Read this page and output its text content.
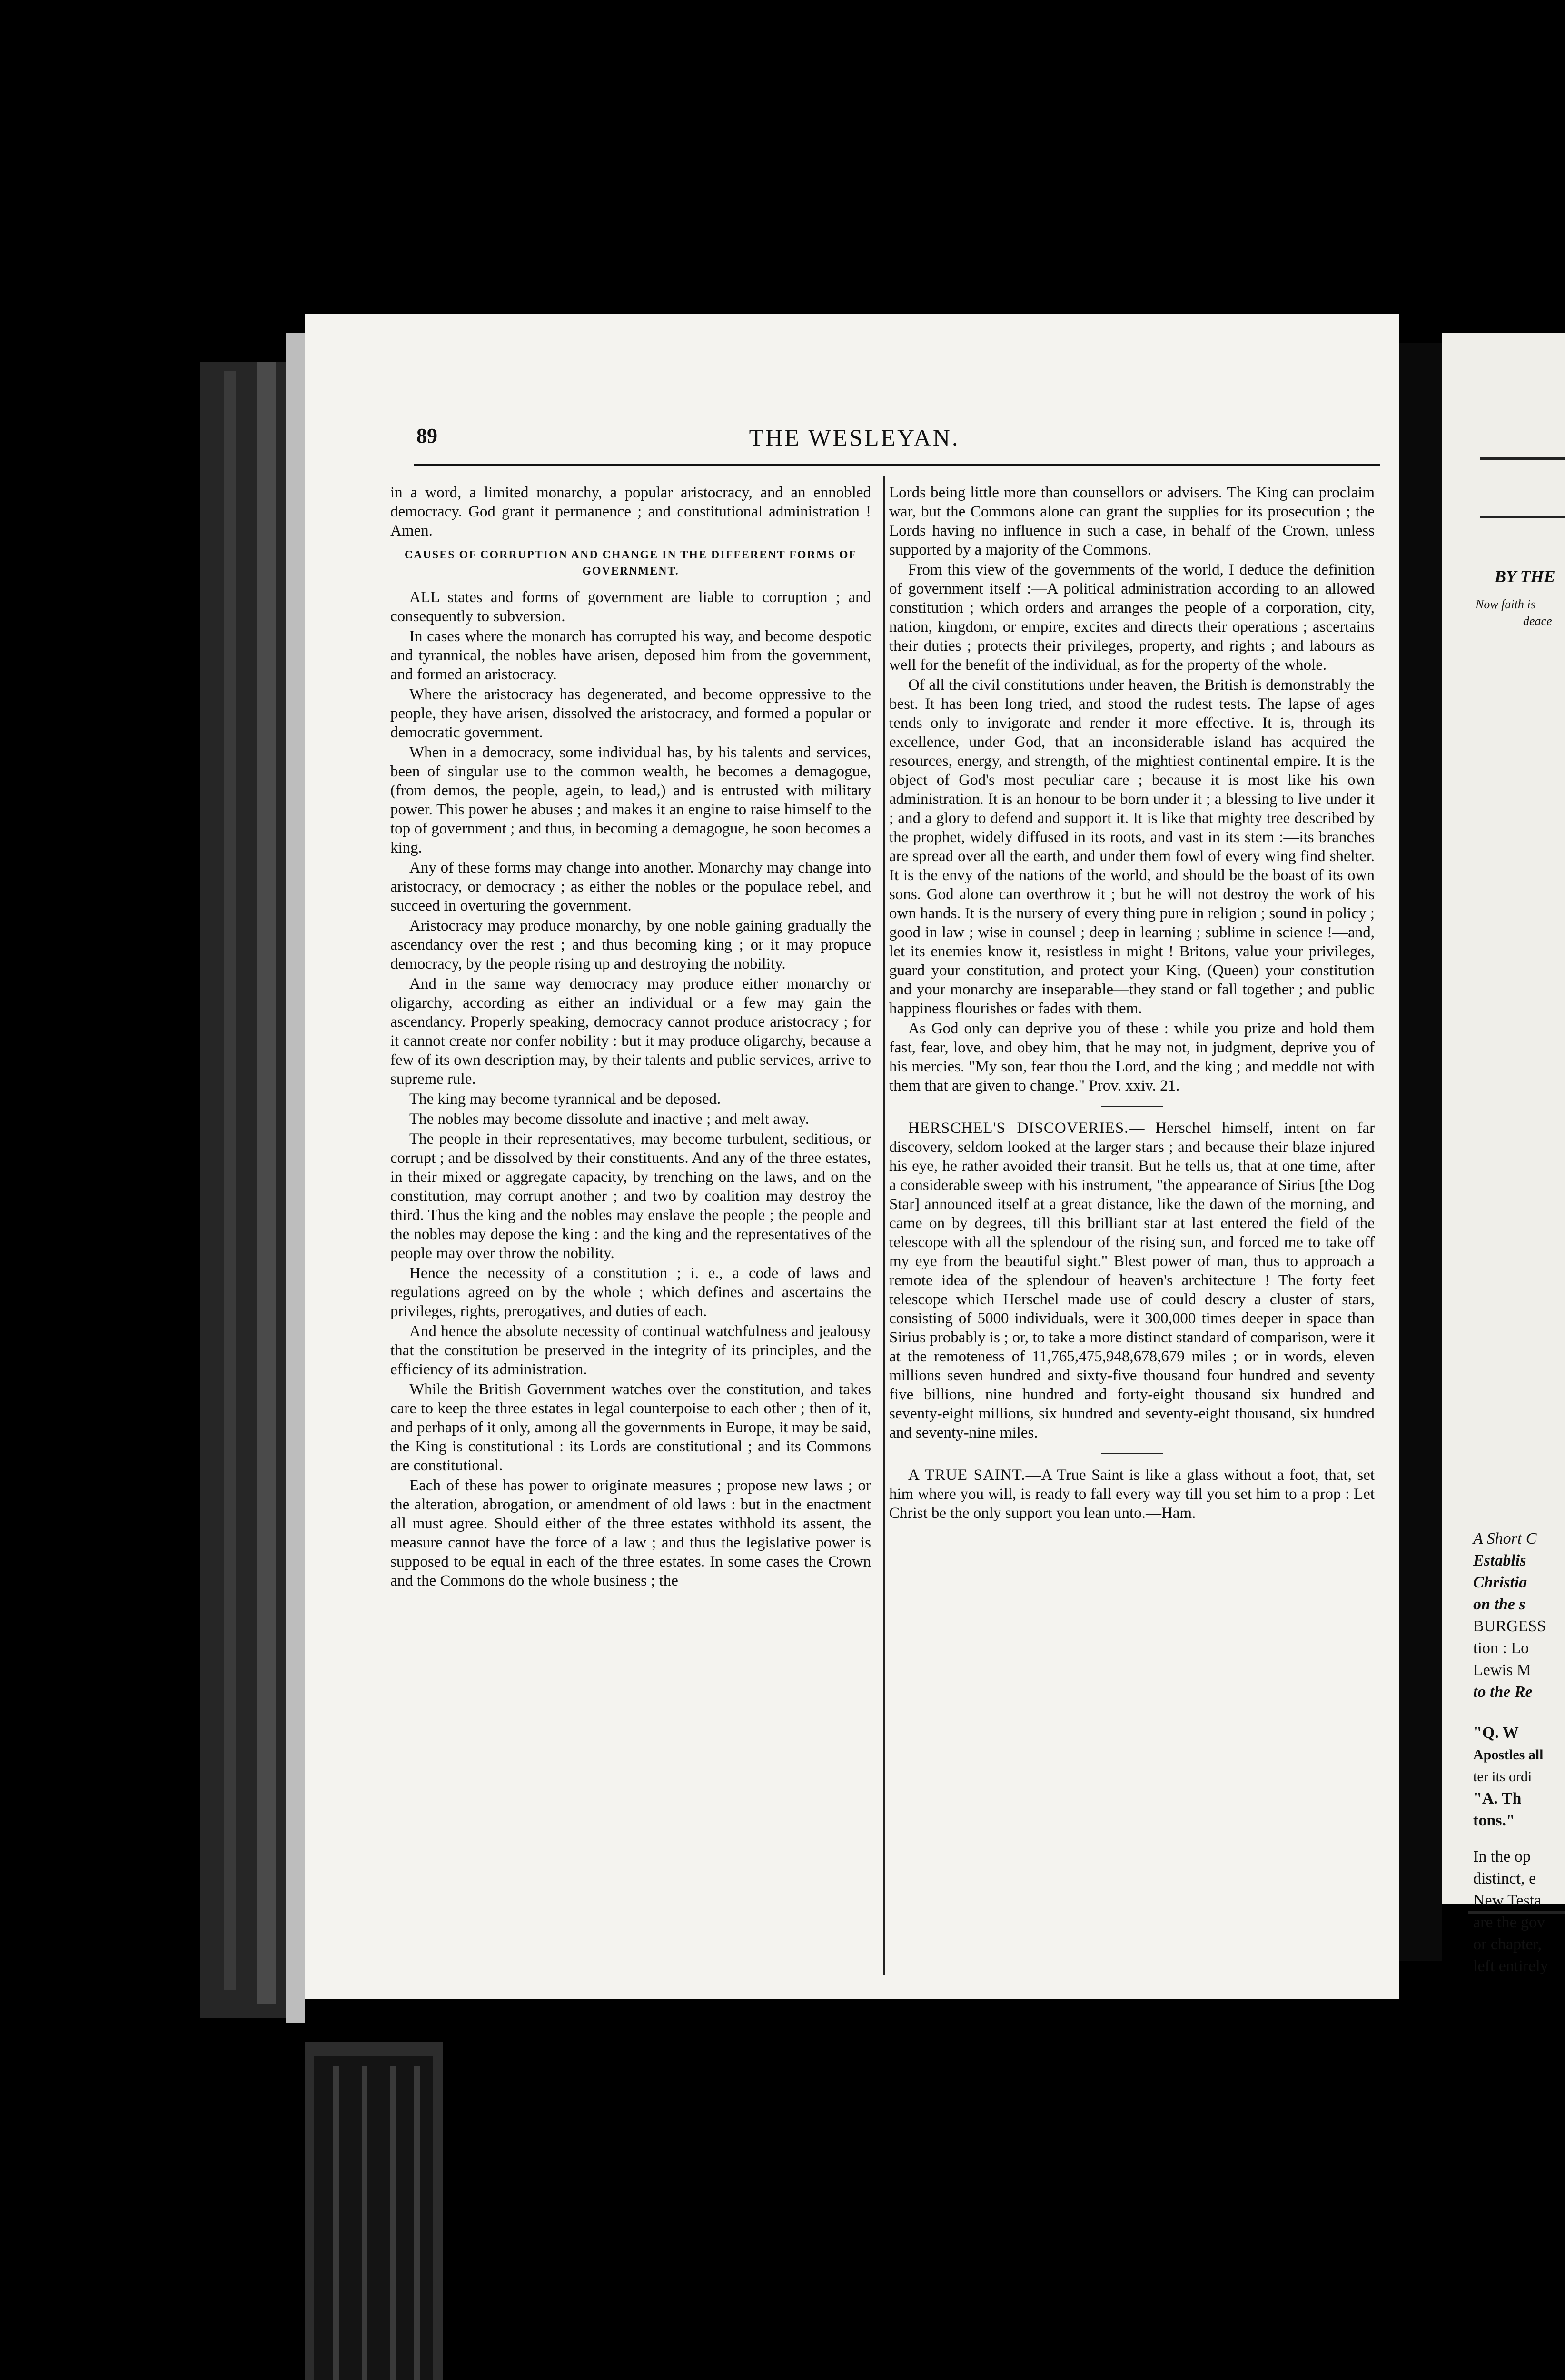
BY THE
Now faith is
deace
A Short C
Establis
Christia
on the s
BURGESS
tion : Lo
Lewis M
to the Re
"Q. W
Apostles all
ter its ordi
"A. Th
tons."
In the op
distinct, e
New Testa
are the gov
or chapter,
left entirely
THE WESLEYAN.
89

in a word, a limited monarchy, a popular aristocracy, and an ennobled democracy. God grant it permanence ; and constitutional administration ! Amen.

CAUSES OF CORRUPTION AND CHANGE IN THE DIFFERENT FORMS OF GOVERNMENT.

ALL states and forms of government are liable to corruption ; and consequently to subversion.

In cases where the monarch has corrupted his way, and become despotic and tyrannical, the nobles have arisen, deposed him from the government, and formed an aristocracy.

Where the aristocracy has degenerated, and become oppressive to the people, they have arisen, dissolved the aristocracy, and formed a popular or democratic government.

When in a democracy, some individual has, by his talents and services, been of singular use to the common wealth, he becomes a demagogue, (from demos, the people, agein, to lead,) and is entrusted with military power. This power he abuses ; and makes it an engine to raise himself to the top of government ; and thus, in becoming a demagogue, he soon becomes a king.

Any of these forms may change into another. Monarchy may change into aristocracy, or democracy ; as either the nobles or the populace rebel, and succeed in overturing the government.

Aristocracy may produce monarchy, by one noble gaining gradually the ascendancy over the rest ; and thus becoming king ; or it may propuce democracy, by the people rising up and destroying the nobility.

And in the same way democracy may produce either monarchy or oligarchy, according as either an individual or a few may gain the ascendancy. Properly speaking, democracy cannot produce aristocracy ; for it cannot create nor confer nobility : but it may produce oligarchy, because a few of its own description may, by their talents and public services, arrive to supreme rule.

The king may become tyrannical and be deposed.

The nobles may become dissolute and inactive ; and melt away.

The people in their representatives, may become turbulent, seditious, or corrupt ; and be dissolved by their constituents. And any of the three estates, in their mixed or aggregate capacity, by trenching on the laws, and on the constitution, may corrupt another ; and two by coalition may destroy the third. Thus the king and the nobles may enslave the people ; the people and the nobles may depose the king : and the king and the representatives of the people may over throw the nobility.

Hence the necessity of a constitution ; i. e., a code of laws and regulations agreed on by the whole ; which defines and ascertains the privileges, rights, prerogatives, and duties of each.

And hence the absolute necessity of continual watchfulness and jealousy that the constitution be preserved in the integrity of its principles, and the efficiency of its administration.

While the British Government watches over the constitution, and takes care to keep the three estates in legal counterpoise to each other ; then of it, and perhaps of it only, among all the governments in Europe, it may be said, the King is constitutional : its Lords are constitutional ; and its Commons are constitutional.

Each of these has power to originate measures ; propose new laws ; or the alteration, abrogation, or amendment of old laws : but in the enactment all must agree. Should either of the three estates withhold its assent, the measure cannot have the force of a law ; and thus the legislative power is supposed to be equal in each of the three estates. In some cases the Crown and the Commons do the whole business ; the

Lords being little more than counsellors or advisers. The King can proclaim war, but the Commons alone can grant the supplies for its prosecution ; the Lords having no influence in such a case, in behalf of the Crown, unless supported by a majority of the Commons.

From this view of the governments of the world, I deduce the definition of government itself :—A political administration according to an allowed constitution ; which orders and arranges the people of a corporation, city, nation, kingdom, or empire, excites and directs their operations ; ascertains their duties ; protects their privileges, property, and rights ; and labours as well for the benefit of the individual, as for the property of the whole.

Of all the civil constitutions under heaven, the British is demonstrably the best. It has been long tried, and stood the rudest tests. The lapse of ages tends only to invigorate and render it more effective. It is, through its excellence, under God, that an inconsiderable island has acquired the resources, energy, and strength, of the mightiest continental empire. It is the object of God's most peculiar care ; because it is most like his own administration. It is an honour to be born under it ; a blessing to live under it ; and a glory to defend and support it. It is like that mighty tree described by the prophet, widely diffused in its roots, and vast in its stem :—its branches are spread over all the earth, and under them fowl of every wing find shelter. It is the envy of the nations of the world, and should be the boast of its own sons. God alone can overthrow it ; but he will not destroy the work of his own hands. It is the nursery of every thing pure in religion ; sound in policy ; good in law ; wise in counsel ; deep in learning ; sublime in science !—and, let its enemies know it, resistless in might ! Britons, value your privileges, guard your constitution, and protect your King, (Queen) your constitution and your monarchy are inseparable—they stand or fall together ; and public happiness flourishes or fades with them.

As God only can deprive you of these : while you prize and hold them fast, fear, love, and obey him, that he may not, in judgment, deprive you of his mercies. "My son, fear thou the Lord, and the king ; and meddle not with them that are given to change." Prov. xxiv. 21.

HERSCHEL'S DISCOVERIES.— Herschel himself, intent on far discovery, seldom looked at the larger stars ; and because their blaze injured his eye, he rather avoided their transit. But he tells us, that at one time, after a considerable sweep with his instrument, "the appearance of Sirius [the Dog Star] announced itself at a great distance, like the dawn of the morning, and came on by degrees, till this brilliant star at last entered the field of the telescope with all the splendour of the rising sun, and forced me to take off my eye from the beautiful sight." Blest power of man, thus to approach a remote idea of the splendour of heaven's architecture ! The forty feet telescope which Herschel made use of could descry a cluster of stars, consisting of 5000 individuals, were it 300,000 times deeper in space than Sirius probably is ; or, to take a more distinct standard of comparison, were it at the remoteness of 11,765,475,948,678,679 miles ; or in words, eleven millions seven hundred and sixty-five thousand four hundred and seventy five billions, nine hundred and forty-eight thousand six hundred and seventy-eight millions, six hundred and seventy-eight thousand, six hundred and seventy-nine miles.

A TRUE SAINT.—A True Saint is like a glass without a foot, that, set him where you will, is ready to fall every way till you set him to a prop : Let Christ be the only support you lean unto.—Ham.
